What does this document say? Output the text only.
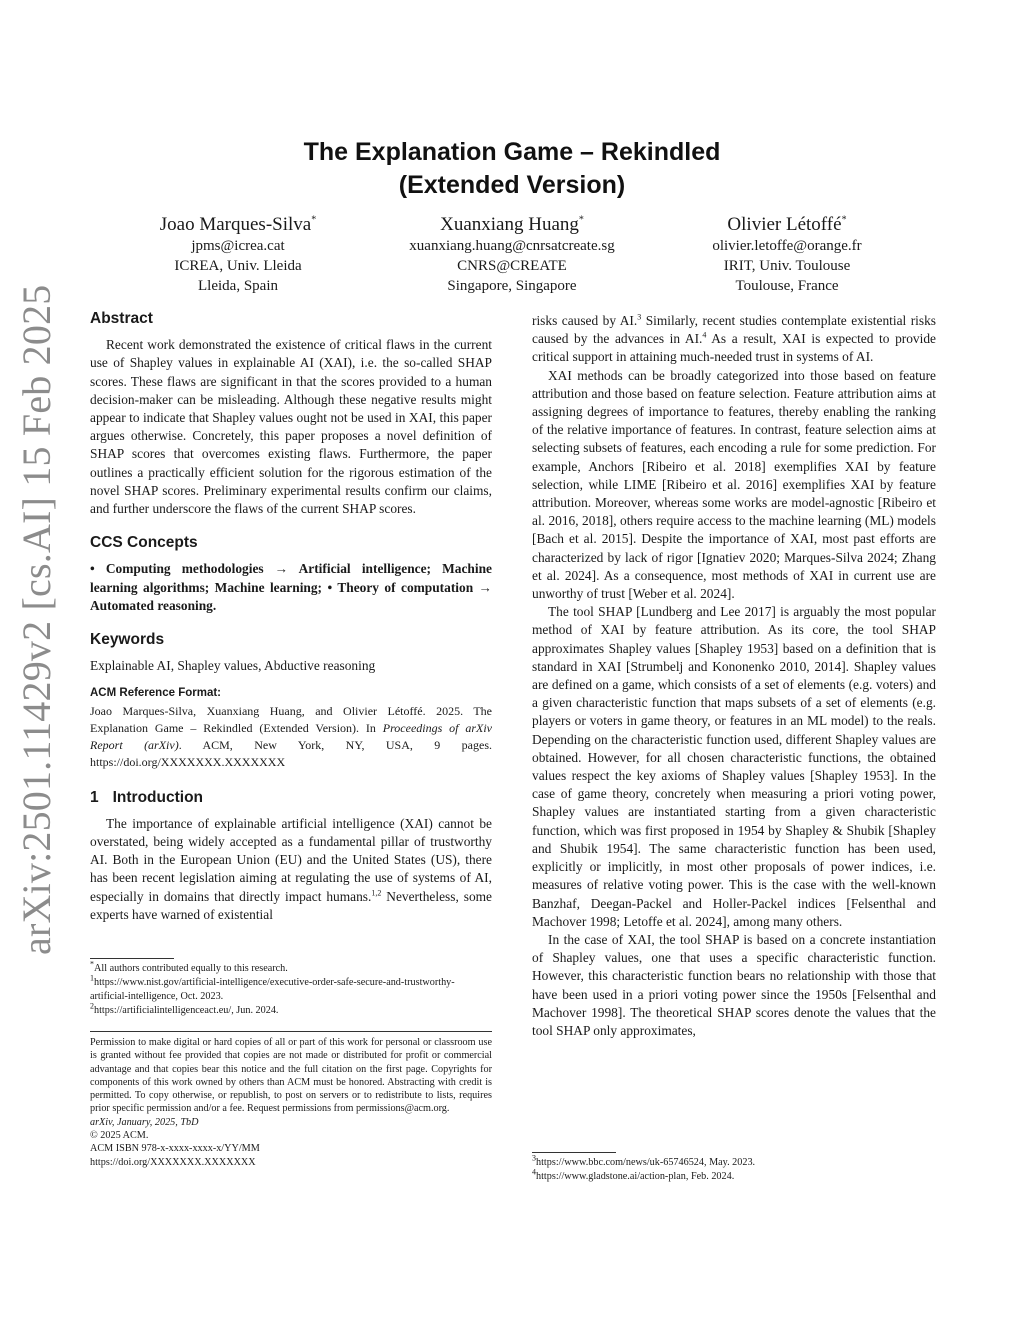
arXiv:2501.11429v2 [cs.AI] 15 Feb 2025
The Explanation Game – Rekindled
(Extended Version)
Joao Marques-Silva*
jpms@icrea.cat
ICREA, Univ. Lleida
Lleida, Spain
Xuanxiang Huang*
xuanxiang.huang@cnrsatcreate.sg
CNRS@CREATE
Singapore, Singapore
Olivier Létoffé*
olivier.letoffe@orange.fr
IRIT, Univ. Toulouse
Toulouse, France
Abstract

Recent work demonstrated the existence of critical flaws in the current use of Shapley values in explainable AI (XAI), i.e. the so-called SHAP scores. These flaws are significant in that the scores provided to a human decision-maker can be misleading. Although these negative results might appear to indicate that Shapley values ought not be used in XAI, this paper argues otherwise. Concretely, this paper proposes a novel definition of SHAP scores that overcomes existing flaws. Furthermore, the paper outlines a practically efficient solution for the rigorous estimation of the novel SHAP scores. Preliminary experimental results confirm our claims, and further underscore the flaws of the current SHAP scores.

CCS Concepts

• Computing methodologies → Artificial intelligence; Machine learning algorithms; Machine learning; • Theory of computation → Automated reasoning.

Keywords

Explainable AI, Shapley values, Abductive reasoning

ACM Reference Format:

Joao Marques-Silva, Xuanxiang Huang, and Olivier Létoffé. 2025. The Explanation Game – Rekindled (Extended Version). In Proceedings of arXiv Report (arXiv). ACM, New York, NY, USA, 9 pages. https://doi.org/XXXXXXX.XXXXXXX

1 Introduction

The importance of explainable artificial intelligence (XAI) cannot be overstated, being widely accepted as a fundamental pillar of trustworthy AI. Both in the European Union (EU) and the United States (US), there has been recent legislation aiming at regulating the use of systems of AI, especially in domains that directly impact humans.$^{1,2}$ Nevertheless, some experts have warned of existential

*All authors contributed equally to this research.
$^1$https://www.nist.gov/artificial-intelligence/executive-order-safe-secure-and-trustworthy-artificial-intelligence, Oct. 2023.
$^2$https://artificialintelligenceact.eu/, Jun. 2024.
Permission to make digital or hard copies of all or part of this work for personal or classroom use is granted without fee provided that copies are not made or distributed for profit or commercial advantage and that copies bear this notice and the full citation on the first page. Copyrights for components of this work owned by others than ACM must be honored. Abstracting with credit is permitted. To copy otherwise, or republish, to post on servers or to redistribute to lists, requires prior specific permission and/or a fee. Request permissions from permissions@acm.org.
arXiv, January, 2025, TbD
© 2025 ACM.
ACM ISBN 978-x-xxxx-xxxx-x/YY/MM
https://doi.org/XXXXXXX.XXXXXXX

risks caused by AI.$^3$ Similarly, recent studies contemplate existential risks caused by the advances in AI.$^4$ As a result, XAI is expected to provide critical support in attaining much-needed trust in systems of AI.

XAI methods can be broadly categorized into those based on feature attribution and those based on feature selection. Feature attribution aims at assigning degrees of importance to features, thereby enabling the ranking of the relative importance of features. In contrast, feature selection aims at selecting subsets of features, each encoding a rule for some prediction. For example, Anchors [Ribeiro et al. 2018] exemplifies XAI by feature selection, while LIME [Ribeiro et al. 2016] exemplifies XAI by feature attribution. Moreover, whereas some works are model-agnostic [Ribeiro et al. 2016, 2018], others require access to the machine learning (ML) models [Bach et al. 2015]. Despite the importance of XAI, most past efforts are characterized by lack of rigor [Ignatiev 2020; Marques-Silva 2024; Zhang et al. 2024]. As a consequence, most methods of XAI in current use are unworthy of trust [Weber et al. 2024].

The tool SHAP [Lundberg and Lee 2017] is arguably the most popular method of XAI by feature attribution. As its core, the tool SHAP approximates Shapley values [Shapley 1953] based on a definition that is standard in XAI [Strumbelj and Kononenko 2010, 2014]. Shapley values are defined on a game, which consists of a set of elements (e.g. voters) and a given characteristic function that maps subsets of a set of elements (e.g. players or voters in game theory, or features in an ML model) to the reals. Depending on the characteristic function used, different Shapley values are obtained. However, for all chosen characteristic functions, the obtained values respect the key axioms of Shapley values [Shapley 1953]. In the case of game theory, concretely when measuring a priori voting power, Shapley values are instantiated starting from a given characteristic function, which was first proposed in 1954 by Shapley & Shubik [Shapley and Shubik 1954]. The same characteristic function has been used, explicitly or implicitly, in most other proposals of power indices, i.e. measures of relative voting power. This is the case with the well-known Banzhaf, Deegan-Packel and Holler-Packel indices [Felsenthal and Machover 1998; Letoffe et al. 2024], among many others.

In the case of XAI, the tool SHAP is based on a concrete instantiation of Shapley values, one that uses a specific characteristic function. However, this characteristic function bears no relationship with those that have been used in a priori voting power since the 1950s [Felsenthal and Machover 1998]. The theoretical SHAP scores denote the values that the tool SHAP only approximates,

$^3$https://www.bbc.com/news/uk-65746524, May. 2023.
$^4$https://www.gladstone.ai/action-plan, Feb. 2024.
